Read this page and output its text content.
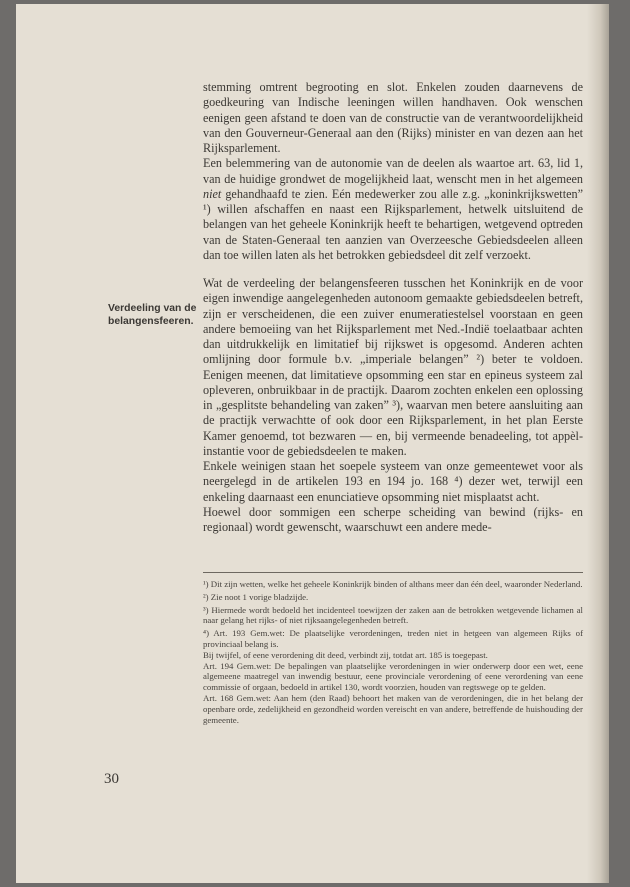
stemming omtrent begrooting en slot. Enkelen zouden daarnevens de goedkeuring van Indische leeningen willen handhaven. Ook wenschen eenigen geen afstand te doen van de constructie van de verantwoordelijkheid van den Gouverneur-Generaal aan den (Rijks) minister en van dezen aan het Rijksparlement.

Een belemmering van de autonomie van de deelen als waartoe art. 63, lid 1, van de huidige grondwet de mogelijkheid laat, wenscht men in het algemeen niet gehandhaafd te zien. Eén medewerker zou alle z.g. „koninkrijkswetten” ¹) willen afschaffen en naast een Rijksparlement, hetwelk uitsluitend de belangen van het geheele Koninkrijk heeft te behartigen, wetgevend optreden van de Staten-Generaal ten aanzien van Overzeesche Gebiedsdeelen alleen dan toe willen laten als het betrokken gebiedsdeel dit zelf verzoekt.

Wat de verdeeling der belangensfeeren tusschen het Koninkrijk en de voor eigen inwendige aangelegenheden autonoom gemaakte gebiedsdeelen betreft, zijn er verscheidenen, die een zuiver enumeratiestelsel voorstaan en geen andere bemoeiing van het Rijksparlement met Ned.-Indië toelaatbaar achten dan uitdrukkelijk en limitatief bij rijkswet is opgesomd. Anderen achten omlijning door formule b.v. „imperiale belangen” ²) beter te voldoen. Eenigen meenen, dat limitatieve opsomming een star en epineus systeem zal opleveren, onbruikbaar in de practijk. Daarom zochten enkelen een oplossing in „gesplitste behandeling van zaken” ³), waarvan men betere aansluiting aan de practijk verwachtte of ook door een Rijksparlement, in het plan Eerste Kamer genoemd, tot bezwaren — en, bij vermeende benadeeling, tot appèl-instantie voor de gebiedsdeelen te maken.

Enkele weinigen staan het soepele systeem van onze gemeentewet voor als neergelegd in de artikelen 193 en 194 jo. 168 ⁴) dezer wet, terwijl een enkeling daarnaast een enunciatieve opsomming niet misplaatst acht.

Hoewel door sommigen een scherpe scheiding van bewind (rijks- en regionaal) wordt gewenscht, waarschuwt een andere mede-

Verdeeling van de
belangensfeeren.

¹) Dit zijn wetten, welke het geheele Koninkrijk binden of althans meer dan één deel, waaronder Nederland.

²) Zie noot 1 vorige bladzijde.

³) Hiermede wordt bedoeld het incidenteel toewijzen der zaken aan de betrokken wetgevende lichamen al naar gelang het rijks- of niet rijksaangelegenheden betreft.

⁴) Art. 193 Gem.wet: De plaatselijke verordeningen, treden niet in hetgeen van algemeen Rijks of provinciaal belang is.

Bij twijfel, of eene verordening dit deed, verbindt zij, totdat art. 185 is toegepast.

Art. 194 Gem.wet: De bepalingen van plaatselijke verordeningen in wier onderwerp door een wet, eene algemeene maatregel van inwendig bestuur, eene provinciale verordening of eene verordening van eene commissie of orgaan, bedoeld in artikel 130, wordt voorzien, houden van regtswege op te gelden.

Art. 168 Gem.wet: Aan hem (den Raad) behoort het maken van de verordeningen, die in het belang der openbare orde, zedelijkheid en gezondheid worden vereischt en van andere, betreffende de huishouding der gemeente.

30
